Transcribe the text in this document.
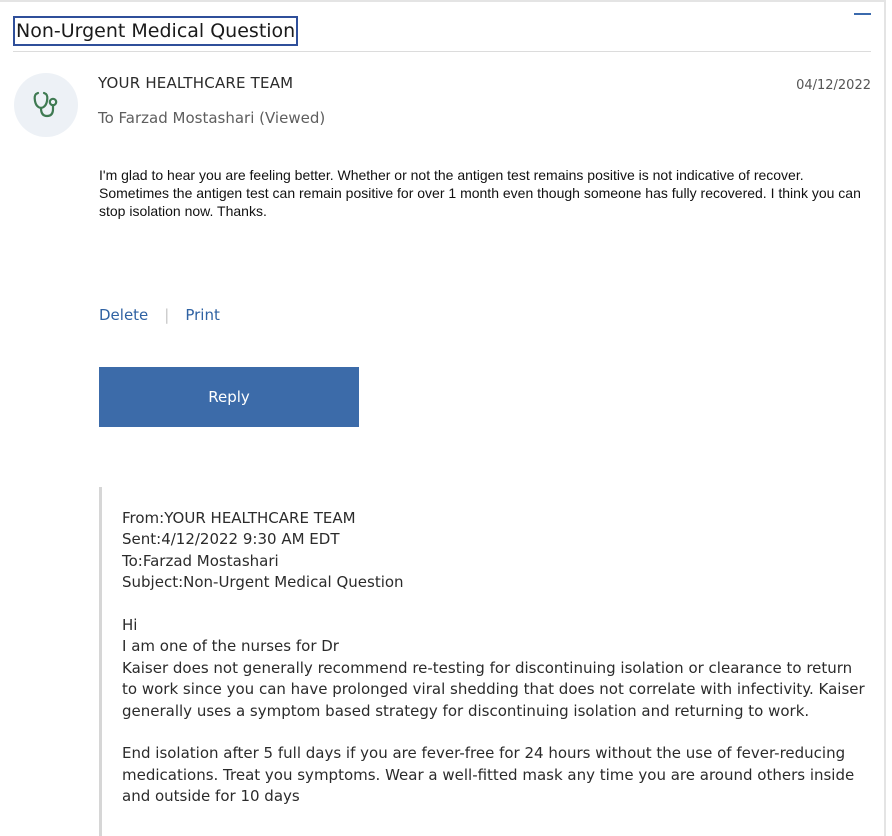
Non-Urgent Medical Question
YOUR HEALTHCARE TEAM
To Farzad Mostashari (Viewed)
04/12/2022

I'm glad to hear you are feeling better. Whether or not the antigen test remains positive is not indicative of recover. Sometimes the antigen test can remain positive for over 1 month even though someone has fully recovered. I think you can stop isolation now. Thanks.

Delete | Print
Reply
From:YOUR HEALTHCARE TEAM
Sent:4/12/2022 9:30 AM EDT
To:Farzad Mostashari
Subject:Non-Urgent Medical Question
Hi
I am one of the nurses for Dr
Kaiser does not generally recommend re-testing for discontinuing isolation or clearance to return to work since you can have prolonged viral shedding that does not correlate with infectivity. Kaiser generally uses a symptom based strategy for discontinuing isolation and returning to work.
End isolation after 5 full days if you are fever-free for 24 hours without the use of fever-reducing medications. Treat you symptoms. Wear a well-fitted mask any time you are around others inside and outside for 10 days
